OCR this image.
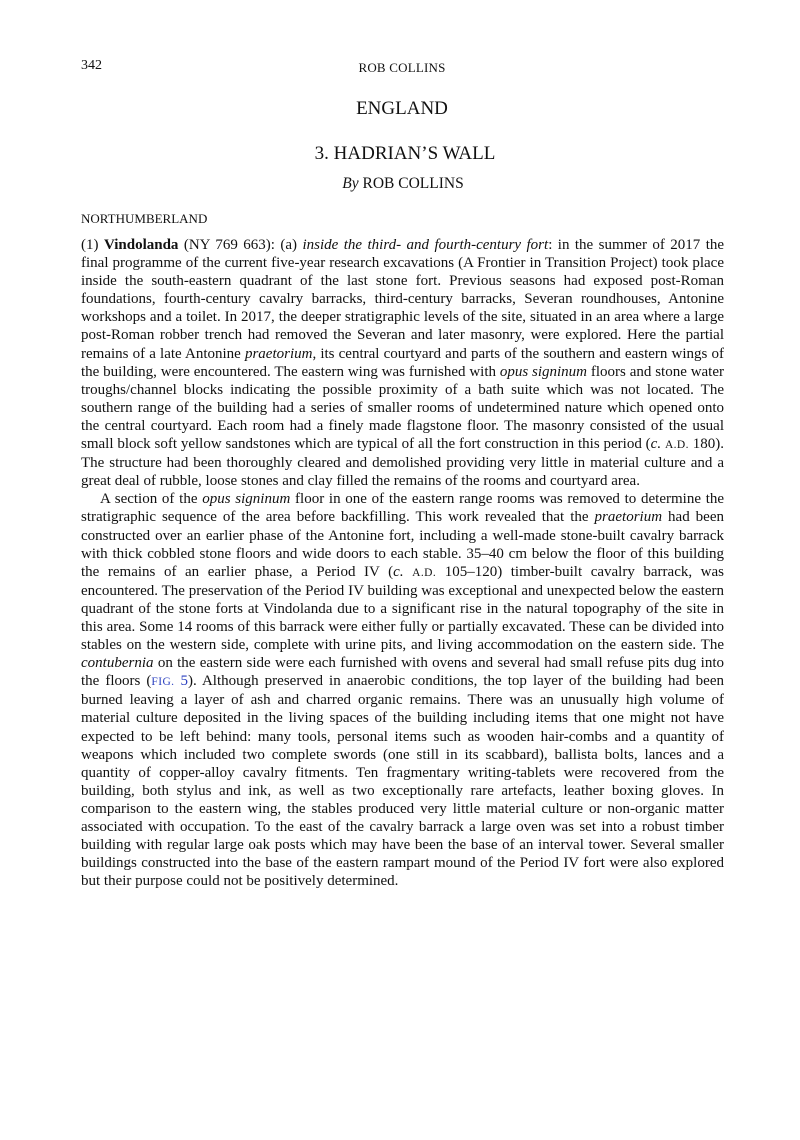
342	ROB COLLINS
ENGLAND
3. HADRIAN’S WALL
By ROB COLLINS
NORTHUMBERLAND

(1) Vindolanda (NY 769 663): (a) inside the third- and fourth-century fort: in the summer of 2017 the final programme of the current five-year research excavations (A Frontier in Transition Project) took place inside the south-eastern quadrant of the last stone fort. Previous seasons had exposed post-Roman foundations, fourth-century cavalry barracks, third-century barracks, Severan roundhouses, Antonine workshops and a toilet. In 2017, the deeper stratigraphic levels of the site, situated in an area where a large post-Roman robber trench had removed the Severan and later masonry, were explored. Here the partial remains of a late Antonine praetorium, its central courtyard and parts of the southern and eastern wings of the building, were encountered. The eastern wing was furnished with opus signinum floors and stone water troughs/channel blocks indicating the possible proximity of a bath suite which was not located. The southern range of the building had a series of smaller rooms of undetermined nature which opened onto the central courtyard. Each room had a finely made flagstone floor. The masonry consisted of the usual small block soft yellow sandstones which are typical of all the fort construction in this period (c. A.D. 180). The structure had been thoroughly cleared and demolished providing very little in material culture and a great deal of rubble, loose stones and clay filled the remains of the rooms and courtyard area.

A section of the opus signinum floor in one of the eastern range rooms was removed to determine the stratigraphic sequence of the area before backfilling. This work revealed that the praetorium had been constructed over an earlier phase of the Antonine fort, including a well-made stone-built cavalry barrack with thick cobbled stone floors and wide doors to each stable. 35–40 cm below the floor of this building the remains of an earlier phase, a Period IV (c. A.D. 105–120) timber-built cavalry barrack, was encountered. The preservation of the Period IV building was exceptional and unexpected below the eastern quadrant of the stone forts at Vindolanda due to a significant rise in the natural topography of the site in this area. Some 14 rooms of this barrack were either fully or partially excavated. These can be divided into stables on the western side, complete with urine pits, and living accommodation on the eastern side. The contubernia on the eastern side were each furnished with ovens and several had small refuse pits dug into the floors (FIG. 5). Although preserved in anaerobic conditions, the top layer of the building had been burned leaving a layer of ash and charred organic remains. There was an unusually high volume of material culture deposited in the living spaces of the building including items that one might not have expected to be left behind: many tools, personal items such as wooden hair-combs and a quantity of weapons which included two complete swords (one still in its scabbard), ballista bolts, lances and a quantity of copper-alloy cavalry fitments. Ten fragmentary writing-tablets were recovered from the building, both stylus and ink, as well as two exceptionally rare artefacts, leather boxing gloves. In comparison to the eastern wing, the stables produced very little material culture or non-organic matter associated with occupation. To the east of the cavalry barrack a large oven was set into a robust timber building with regular large oak posts which may have been the base of an interval tower. Several smaller buildings constructed into the base of the eastern rampart mound of the Period IV fort were also explored but their purpose could not be positively determined.
